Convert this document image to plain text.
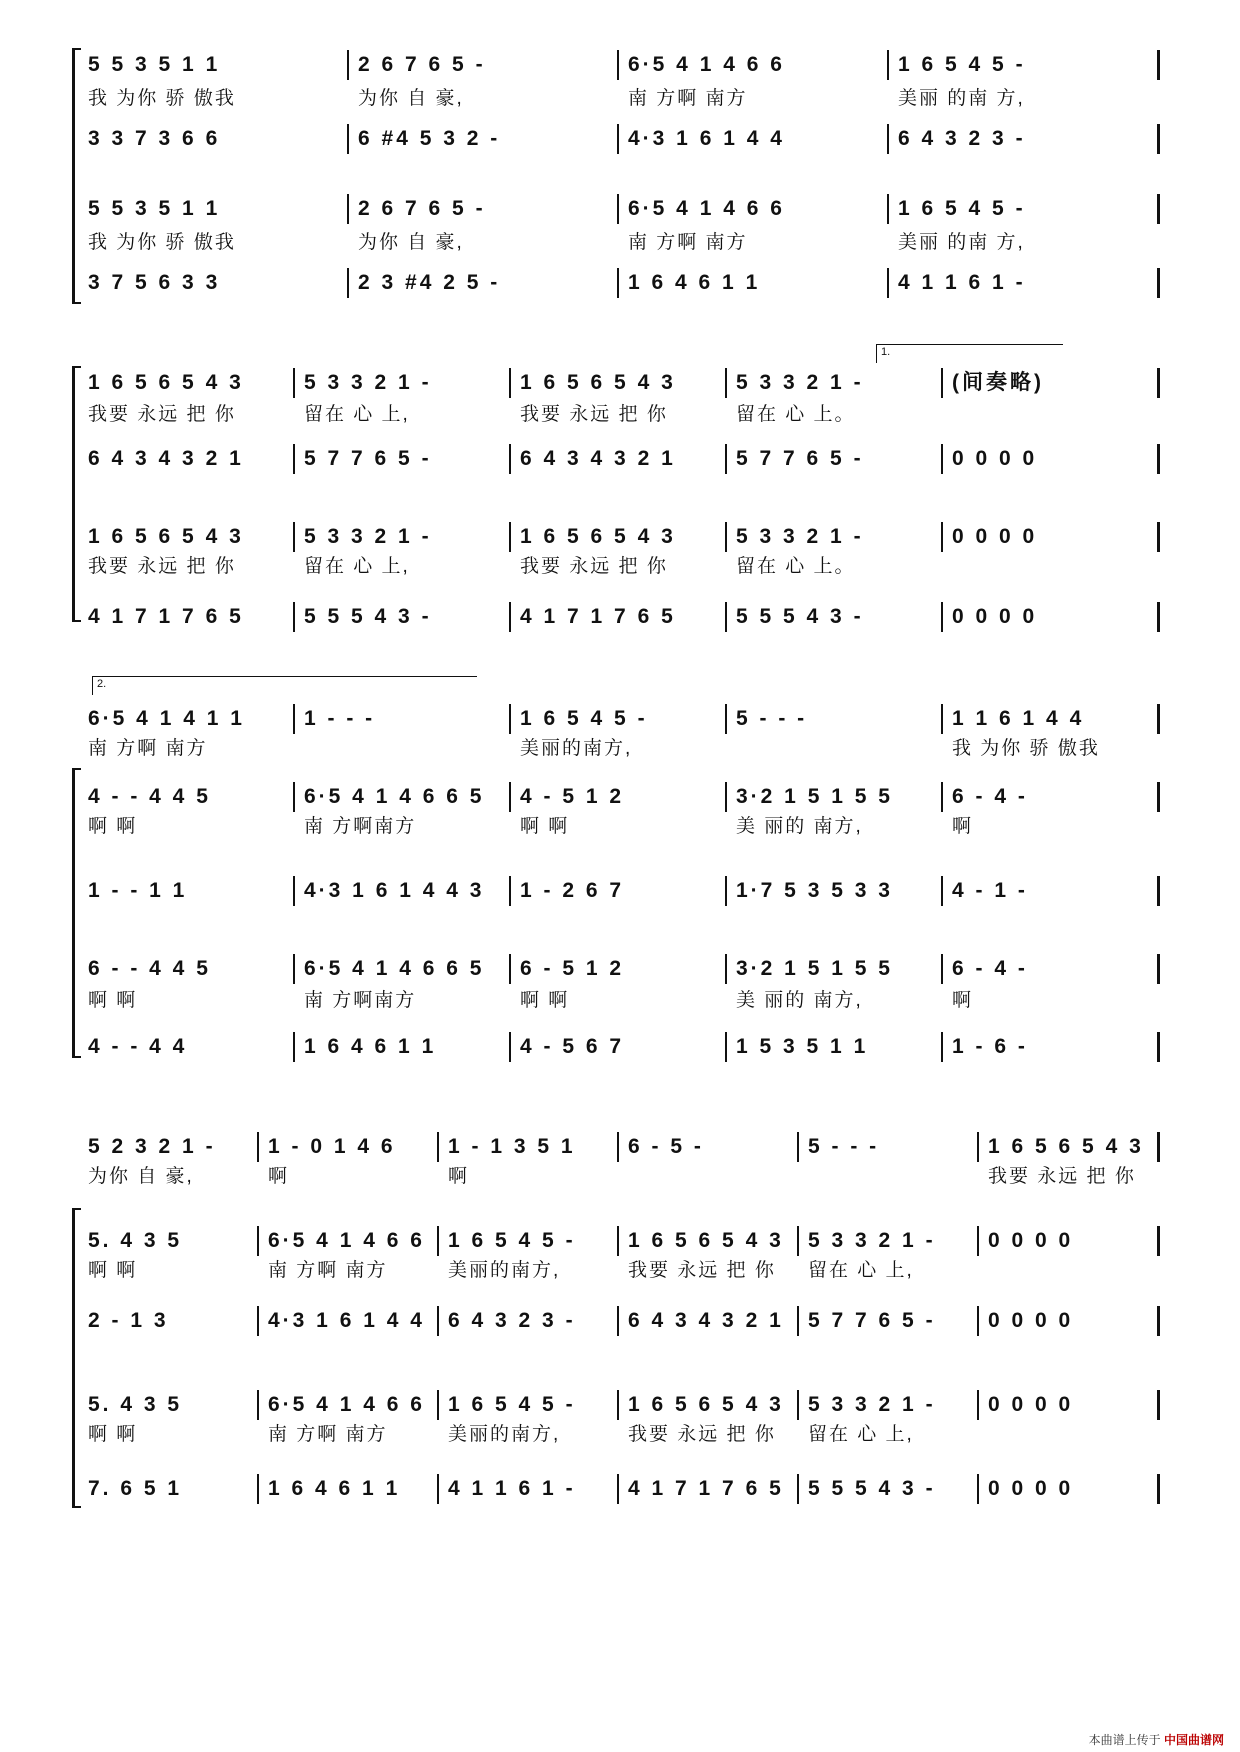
5 5 3 5 1 1	2 6 7 6 5 -	6·5 4 1 4 6 6	1 6 5 4 5 -
我 为你 骄 傲我	为你 自 豪,	南 方啊 南方	美丽 的南 方,
3 3 7 3 6 6	6 #4 5 3 2 -	4·3 1 6 1 4 4	6 4 3 2 3 -
5 5 3 5 1 1	2 6 7 6 5 -	6·5 4 1 4 6 6	1 6 5 4 5 -
我 为你 骄 傲我	为你 自 豪,	南 方啊 南方	美丽 的南 方,
3 7 5 6 3 3	2 3 #4 2 5 -	1 6 4 6 1 1	4 1 1 6 1 -
1.
1 6 5 6 5 4 3	5 3 3 2 1 -	1 6 5 6 5 4 3	5 3 3 2 1 -	(间奏略)
我要 永远 把 你	留在 心 上,	我要 永远 把 你	留在 心 上。
6 4 3 4 3 2 1	5 7 7 6 5 -	6 4 3 4 3 2 1	5 7 7 6 5 -	0 0 0 0
1 6 5 6 5 4 3	5 3 3 2 1 -	1 6 5 6 5 4 3	5 3 3 2 1 -	0 0 0 0
我要 永远 把 你	留在 心 上,	我要 永远 把 你	留在 心 上。
4 1 7 1 7 6 5	5 5 5 4 3 -	4 1 7 1 7 6 5	5 5 5 4 3 -	0 0 0 0
2.
6·5 4 1 4 1 1	1 - - -	1 6 5 4 5 -	5 - - -	1 1 6 1 4 4
南 方啊 南方	美丽的南方,	我 为你 骄 傲我
4 - - 4 4 5	6·5 4 1 4 6 6 5	4 - 5 1 2	3·2 1 5 1 5 5	6 - 4 -
啊 啊	南 方啊南方	啊 啊	美 丽的 南方,	啊
1 - - 1 1	4·3 1 6 1 4 4 3	1 - 2 6 7	1·7 5 3 5 3 3	4 - 1 -
6 - - 4 4 5	6·5 4 1 4 6 6 5	6 - 5 1 2	3·2 1 5 1 5 5	6 - 4 -
啊 啊	南 方啊南方	啊 啊	美 丽的 南方,	啊
4 - - 4 4	1 6 4 6 1 1	4 - 5 6 7	1 5 3 5 1 1	1 - 6 -
5 2 3 2 1 -	1 - 0 1 4 6	1 - 1 3 5 1	6 - 5 -	5 - - -	1 6 5 6 5 4 3
为你 自 豪,	啊	啊	我要 永远 把 你
5. 4 3 5	6·5 4 1 4 6 6	1 6 5 4 5 -	1 6 5 6 5 4 3	5 3 3 2 1 -	0 0 0 0
啊 啊	南 方啊 南方	美丽的南方,	我要 永远 把 你	留在 心 上,
2 - 1 3	4·3 1 6 1 4 4	6 4 3 2 3 -	6 4 3 4 3 2 1	5 7 7 6 5 -	0 0 0 0
5. 4 3 5	6·5 4 1 4 6 6	1 6 5 4 5 -	1 6 5 6 5 4 3	5 3 3 2 1 -	0 0 0 0
啊 啊	南 方啊 南方	美丽的南方,	我要 永远 把 你	留在 心 上,
7. 6 5 1	1 6 4 6 1 1	4 1 1 6 1 -	4 1 7 1 7 6 5	5 5 5 4 3 -	0 0 0 0
本曲谱上传于 中国曲谱网
